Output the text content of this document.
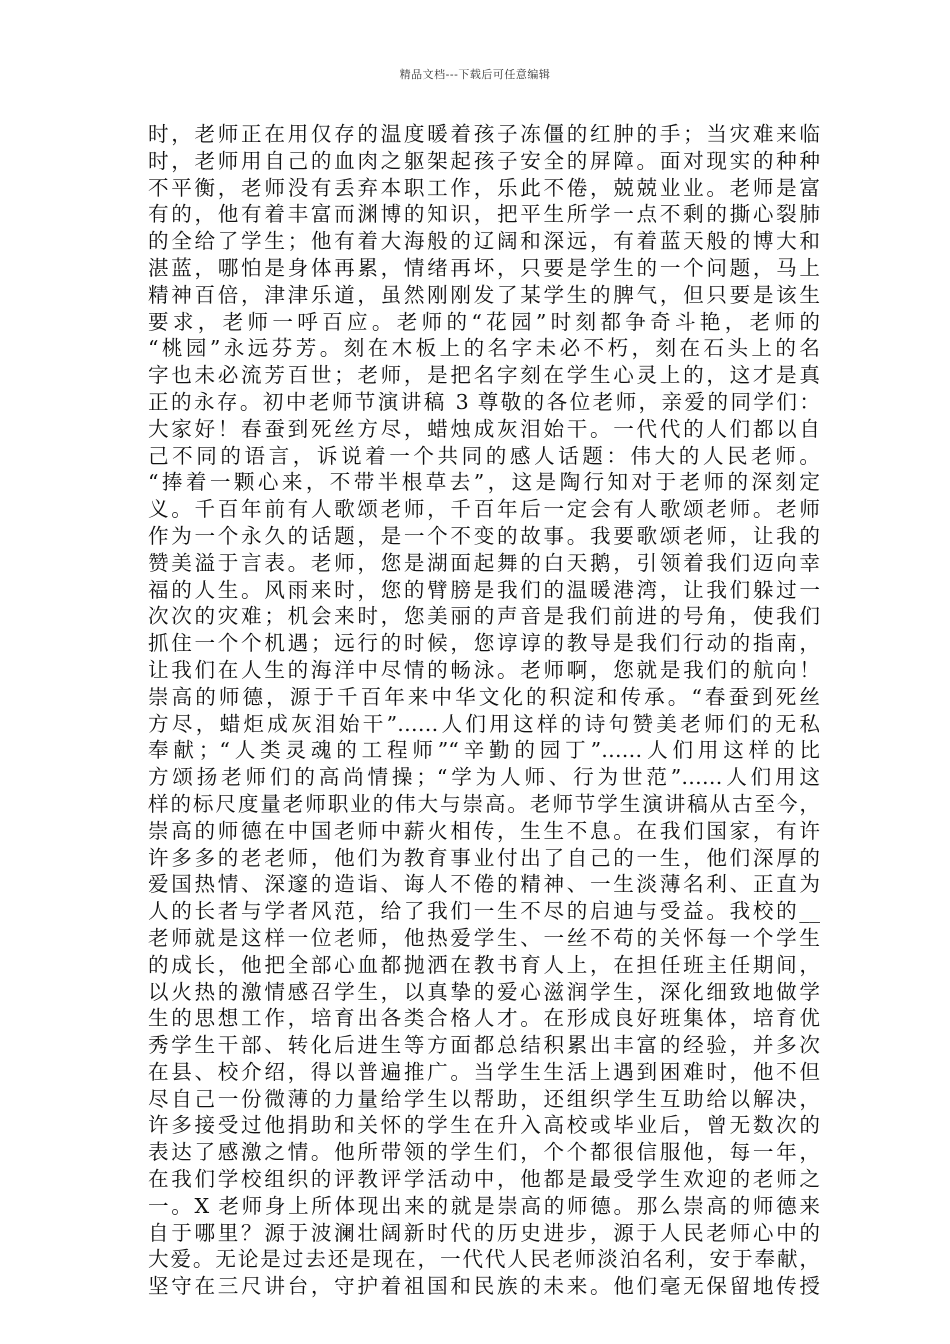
精品文档---下载后可任意编辑
时，老师正在用仅存的温度暖着孩子冻僵的红肿的手；当灾难来临
时，老师用自己的血肉之躯架起孩子安全的屏障。面对现实的种种
不平衡，老师没有丢弃本职工作，乐此不倦，兢兢业业。老师是富
有的，他有着丰富而渊博的知识，把平生所学一点不剩的撕心裂肺
的全给了学生；他有着大海般的辽阔和深远，有着蓝天般的博大和
湛蓝，哪怕是身体再累，情绪再坏，只要是学生的一个问题，马上
精神百倍，津津乐道，虽然刚刚发了某学生的脾气，但只要是该生
要求，老师一呼百应。老师的“花园”时刻都争奇斗艳，老师的
“桃园”永远芬芳。刻在木板上的名字未必不朽，刻在石头上的名
字也未必流芳百世；老师，是把名字刻在学生心灵上的，这才是真
正的永存。初中老师节演讲稿 3 尊敬的各位老师，亲爱的同学们：
大家好！春蚕到死丝方尽，蜡烛成灰泪始干。一代代的人们都以自
己不同的语言，诉说着一个共同的感人话题：伟大的人民老师。
“捧着一颗心来，不带半根草去”，这是陶行知对于老师的深刻定
义。千百年前有人歌颂老师，千百年后一定会有人歌颂老师。老师
作为一个永久的话题，是一个不变的故事。我要歌颂老师，让我的
赞美溢于言表。老师，您是湖面起舞的白天鹅，引领着我们迈向幸
福的人生。风雨来时，您的臂膀是我们的温暖港湾，让我们躲过一
次次的灾难；机会来时，您美丽的声音是我们前进的号角，使我们
抓住一个个机遇；远行的时候，您谆谆的教导是我们行动的指南，
让我们在人生的海洋中尽情的畅泳。老师啊，您就是我们的航向！
崇高的师德，源于千百年来中华文化的积淀和传承。“春蚕到死丝
方尽，蜡炬成灰泪始干”……人们用这样的诗句赞美老师们的无私
奉献；“人类灵魂的工程师”“辛勤的园丁”……人们用这样的比
方颂扬老师们的高尚情操；“学为人师、行为世范”……人们用这
样的标尺度量老师职业的伟大与崇高。老师节学生演讲稿从古至今，
崇高的师德在中国老师中薪火相传，生生不息。在我们国家，有许
许多多的老老师，他们为教育事业付出了自己的一生，他们深厚的
爱国热情、深邃的造诣、诲人不倦的精神、一生淡薄名利、正直为
人的长者与学者风范，给了我们一生不尽的启迪与受益。我校的__
老师就是这样一位老师，他热爱学生、一丝不苟的关怀每一个学生
的成长，他把全部心血都抛洒在教书育人上，在担任班主任期间，
以火热的激情感召学生，以真挚的爱心滋润学生，深化细致地做学
生的思想工作，培育出各类合格人才。在形成良好班集体，培育优
秀学生干部、转化后进生等方面都总结积累出丰富的经验，并多次
在县、校介绍，得以普遍推广。当学生生活上遇到困难时，他不但
尽自己一份微薄的力量给学生以帮助，还组织学生互助给以解决，
许多接受过他捐助和关怀的学生在升入高校或毕业后，曾无数次的
表达了感激之情。他所带领的学生们，个个都很信服他，每一年，
在我们学校组织的评教评学活动中，他都是最受学生欢迎的老师之
一。X 老师身上所体现出来的就是崇高的师德。那么崇高的师德来
自于哪里？源于波澜壮阔新时代的历史进步，源于人民老师心中的
大爱。无论是过去还是现在，一代代人民老师淡泊名利，安于奉献，
坚守在三尺讲台，守护着祖国和民族的未来。他们毫无保留地传授
